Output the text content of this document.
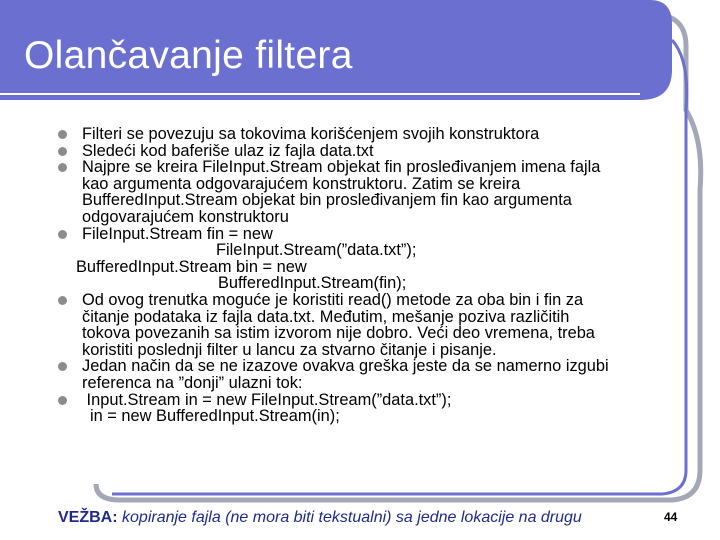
Olančavanje filtera
Filteri se povezuju sa tokovima korišćenjem svojih konstruktora
Sledeći kod baferiše ulaz iz fajla data.txt
Najpre se kreira FileInput.Stream objekat fin prosleđivanjem imena fajla
kao argumenta odgovarajućem konstruktoru. Zatim se kreira
BufferedInput.Stream objekat bin prosleđivanjem fin kao argumenta
odgovarajućem konstruktoru
FileInput.Stream fin = new
FileInput.Stream(”data.txt”);
BufferedInput.Stream bin = new
BufferedInput.Stream(fin);
Od ovog trenutka moguće je koristiti read() metode za oba bin i fin za
čitanje podataka iz fajla data.txt. Međutim, mešanje poziva različitih
tokova povezanih sa istim izvorom nije dobro. Veći deo vremena, treba
koristiti poslednji filter u lancu za stvarno čitanje i pisanje.
Jedan način da se ne izazove ovakva greška jeste da se namerno izgubi
referenca na ”donji” ulazni tok:
Input.Stream in = new FileInput.Stream(”data.txt”);
in = new BufferedInput.Stream(in);
VEŽBA: kopiranje fajla (ne mora biti tekstualni) sa jedne lokacije na drugu	44
